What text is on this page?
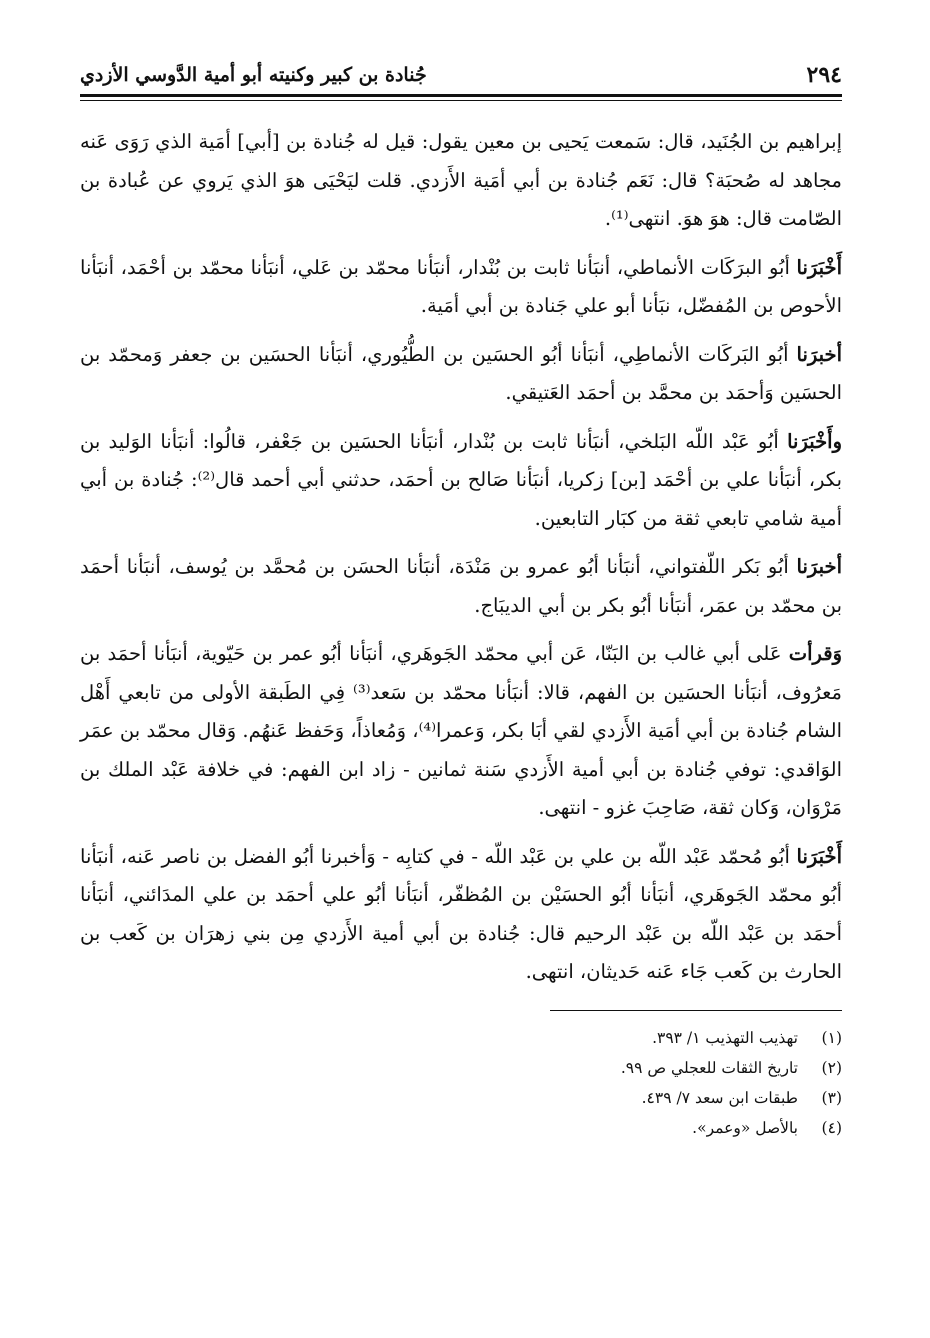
٢٩٤
جُنادة بن كبير وكنيته أبو أمية الدَّوسي الأزدي

إبراهيم بن الجُنَيد، قال: سَمعت يَحيى بن معين يقول: قيل له جُنادة بن [أبي] أمَية الذي رَوَى عَنه مجاهد له صُحبَة؟ قال: نَعَم جُنادة بن أبي أمَية الأَزدي. قلت ليَحْيَى هوَ الذي يَروي عن عُبادة بن الصّامت قال: هوَ هوَ. انتهى⁽¹⁾.

أَخْبَرَنا أبُو البرَكَات الأنماطي، أنبَأنا ثابت بن بُنْدار، أنبَأنا محمّد بن عَلي، أنبَأنا محمّد بن أحْمَد، أنبَأنا الأحوص بن المُفضّل، نبَأنا أبو علي جَنادة بن أبي أمَية.

أخبرَنا أبُو البَركَات الأنماطِي، أنبَأنا أبُو الحسَين بن الطُّيُوري، أنبَأنا الحسَين بن جعفر وَمحمّد بن الحسَين وَأحمَد بن محمَّد بن أحمَد العَتيقي.

وأَخْبَرَنا أبُو عَبْد اللّه البَلخي، أنبَأنا ثابت بن بُنْدار، أنبَأنا الحسَين بن جَعْفر، قالُوا: أنبَأنا الوَليد بن بكر، أنبَأنا علي بن أحْمَد [بن] زكريا، أنبَأنا صَالح بن أحمَد، حدثني أبي أحمد قال⁽²⁾: جُنادة بن أبي أمية شامي تابعي ثقة من كبَار التابعين.

أخبرَنا أبُو بَكر اللّفتواني، أنبَأنا أبُو عمرو بن مَنْدَة، أنبَأنا الحسَن بن مُحمَّد بن يُوسف، أنبَأنا أحمَد بن محمّد بن عمَر، أنبَأنا أبُو بكر بن أبي الديبَاج.

وَقرأت عَلى أبي غالب بن البَنّا، عَن أبي محمّد الجَوهَري، أنبَأنا أبُو عمر بن حَيّوية، أنبَأنا أحمَد بن مَعرُوف، أنبَأنا الحسَين بن الفهم، قالا: أنبَأنا محمّد بن سَعد⁽³⁾ فِي الطَبقة الأولى من تابعي أَهْل الشام جُنادة بن أبي أمَية الأَزدي لقي أبَا بكر، وَعمرا⁽⁴⁾، وَمُعاذاً، وَحَفظ عَنهُم. وَقال محمّد بن عمَر الوَاقدي: توفي جُنادة بن أبي أمية الأَزدي سَنة ثمانين - زاد ابن الفهم: في خلافة عَبْد الملك بن مَرْوَان، وَكان ثقة، صَاحِبَ غزو - انتهى.

أَخْبَرَنا أبُو مُحمّد عَبْد اللّه بن علي بن عَبْد اللّه - في كتابِه - وَأخبرنا أبُو الفضل بن ناصر عَنه، أنبَأنا أبُو محمّد الجَوهَري، أنبَأنا أبُو الحسَيْن بن المُظفّر، أنبَأنا أبُو علي أحمَد بن علي المدَائني، أنبَأنا أحمَد بن عَبْد اللّه بن عَبْد الرحيم قال: جُنادة بن أبي أمية الأَزدي مِن بني زهرَان بن كَعب بن الحارث بن كَعب جَاء عَنه حَديثان، انتهى.

(١)
تهذيب التهذيب ١/ ٣٩٣.
(٢)
تاريخ الثقات للعجلي ص ٩٩.
(٣)
طبقات ابن سعد ٧/ ٤٣٩.
(٤)
بالأصل «وعمر».
